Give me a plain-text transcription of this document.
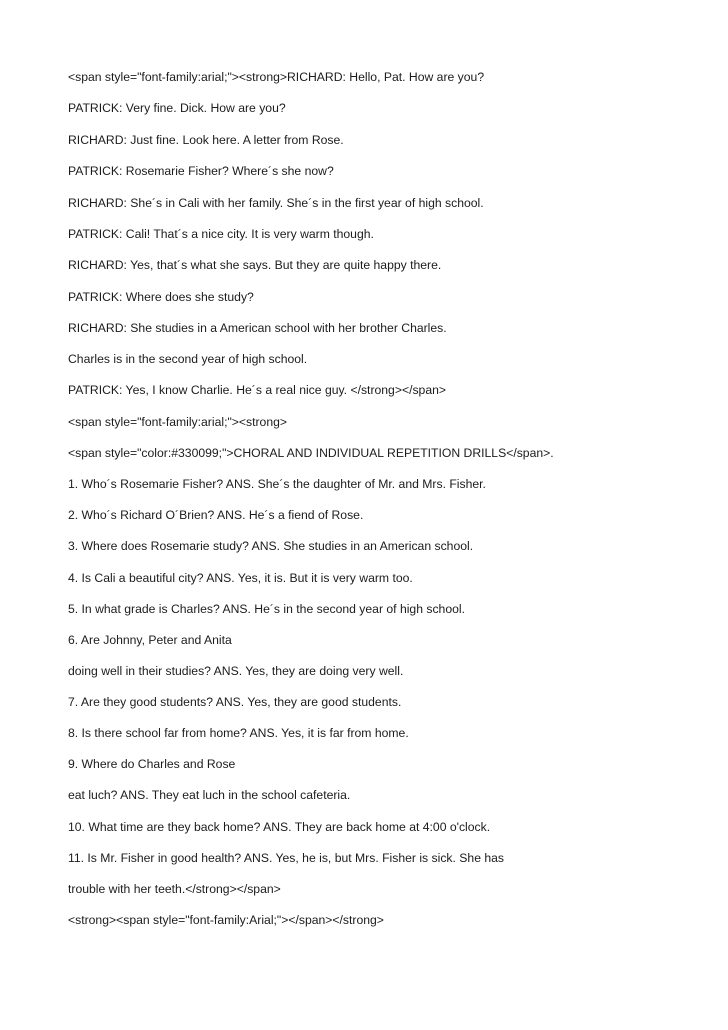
<span style="font-family:arial;"><strong>RICHARD: Hello, Pat. How are you?
PATRICK: Very fine. Dick. How are you?
RICHARD: Just fine. Look here. A letter from Rose.
PATRICK: Rosemarie Fisher? Where´s she now?
RICHARD: She´s in Cali with her family. She´s in the first year of high school.
PATRICK: Cali! That´s a nice city. It is very warm though.
RICHARD: Yes, that´s what she says. But they are quite happy there.
PATRICK: Where does she study?
RICHARD: She studies in a American school with her brother Charles.
Charles is in the second year of high school.
PATRICK: Yes, I know Charlie. He´s a real nice guy. </strong></span>
<span style="font-family:arial;"><strong>
<span style="color:#330099;">CHORAL AND INDIVIDUAL REPETITION DRILLS</span>.
1. Who´s Rosemarie Fisher? ANS. She´s the daughter of Mr. and Mrs. Fisher.
2. Who´s Richard O´Brien? ANS. He´s a fiend of Rose.
3. Where does Rosemarie study? ANS. She studies in an American school.
4. Is Cali a beautiful city? ANS. Yes, it is. But it is very warm too.
5. In what grade is Charles? ANS. He´s in the second year of high school.
6. Are Johnny, Peter and Anita
doing well in their studies? ANS. Yes, they are doing very well.
7. Are they good students? ANS. Yes, they are good students.
8. Is there school far from home? ANS. Yes, it is far from home.
9. Where do Charles and Rose
eat luch? ANS. They eat luch in the school cafeteria.
10. What time are they back home? ANS. They are back home at 4:00 o'clock.
11. Is Mr. Fisher in good health? ANS. Yes, he is, but Mrs. Fisher is sick. She has
trouble with her teeth.</strong></span>
<strong><span style="font-family:Arial;"></span></strong>
